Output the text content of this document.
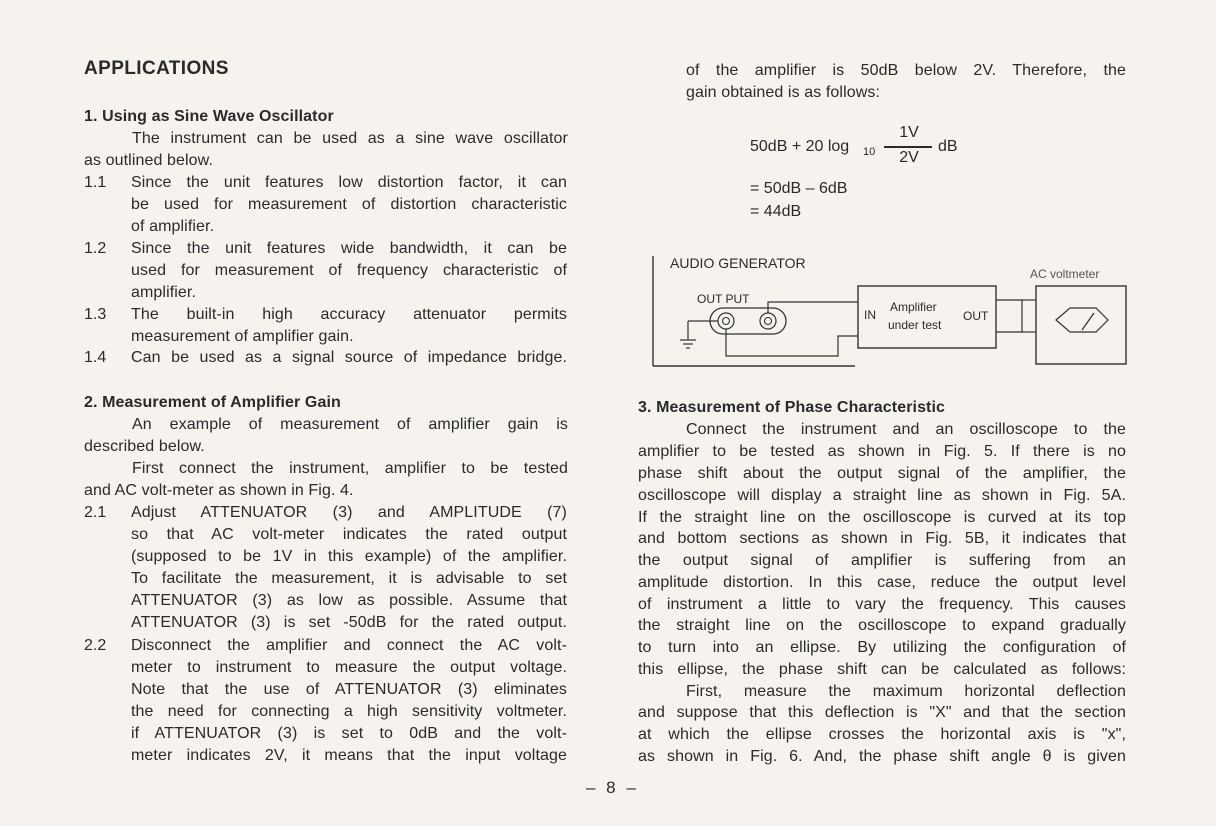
APPLICATIONS
1. Using as Sine Wave Oscillator
The instrument can be used as a sine wave oscillator
as outlined below.
1.1 Since the unit features low distortion factor, it can
be used for measurement of distortion characteristic
of amplifier.
1.2 Since the unit features wide bandwidth, it can be
used for measurement of frequency characteristic of
amplifier.
1.3 The built-in high accuracy attenuator permits
measurement of amplifier gain.
1.4 Can be used as a signal source of impedance bridge.
2. Measurement of Amplifier Gain
An example of measurement of amplifier gain is
described below.
First connect the instrument, amplifier to be tested
and AC volt-meter as shown in Fig. 4.
2.1 Adjust ATTENUATOR (3) and AMPLITUDE (7)
so that AC volt-meter indicates the rated output
(supposed to be 1V in this example) of the amplifier.
To facilitate the measurement, it is advisable to set
ATTENUATOR (3) as low as possible. Assume that
ATTENUATOR (3) is set -50dB for the rated output.
2.2 Disconnect the amplifier and connect the AC volt-
meter to instrument to measure the output voltage.
Note that the use of ATTENUATOR (3) eliminates
the need for connecting a high sensitivity voltmeter.
if ATTENUATOR (3) is set to 0dB and the volt-
meter indicates 2V, it means that the input voltage
of the amplifier is 50dB below 2V. Therefore, the
gain obtained is as follows:
50dB + 20 log 10
1V
2V
dB
= 50dB – 6dB
= 44dB
AUDIO GENERATOR
OUT PUT
IN
Amplifier
under test
OUT
AC voltmeter
3. Measurement of Phase Characteristic
Connect the instrument and an oscilloscope to the
amplifier to be tested as shown in Fig. 5. If there is no
phase shift about the output signal of the amplifier, the
oscilloscope will display a straight line as shown in Fig. 5A.
If the straight line on the oscilloscope is curved at its top
and bottom sections as shown in Fig. 5B, it indicates that
the output signal of amplifier is suffering from an
amplitude distortion. In this case, reduce the output level
of instrument a little to vary the frequency. This causes
the straight line on the oscilloscope to expand gradually
to turn into an ellipse. By utilizing the configuration of
this ellipse, the phase shift can be calculated as follows:
First, measure the maximum horizontal deflection
and suppose that this deflection is "X" and that the section
at which the ellipse crosses the horizontal axis is "x",
as shown in Fig. 6. And, the phase shift angle θ is given
– 8 –
